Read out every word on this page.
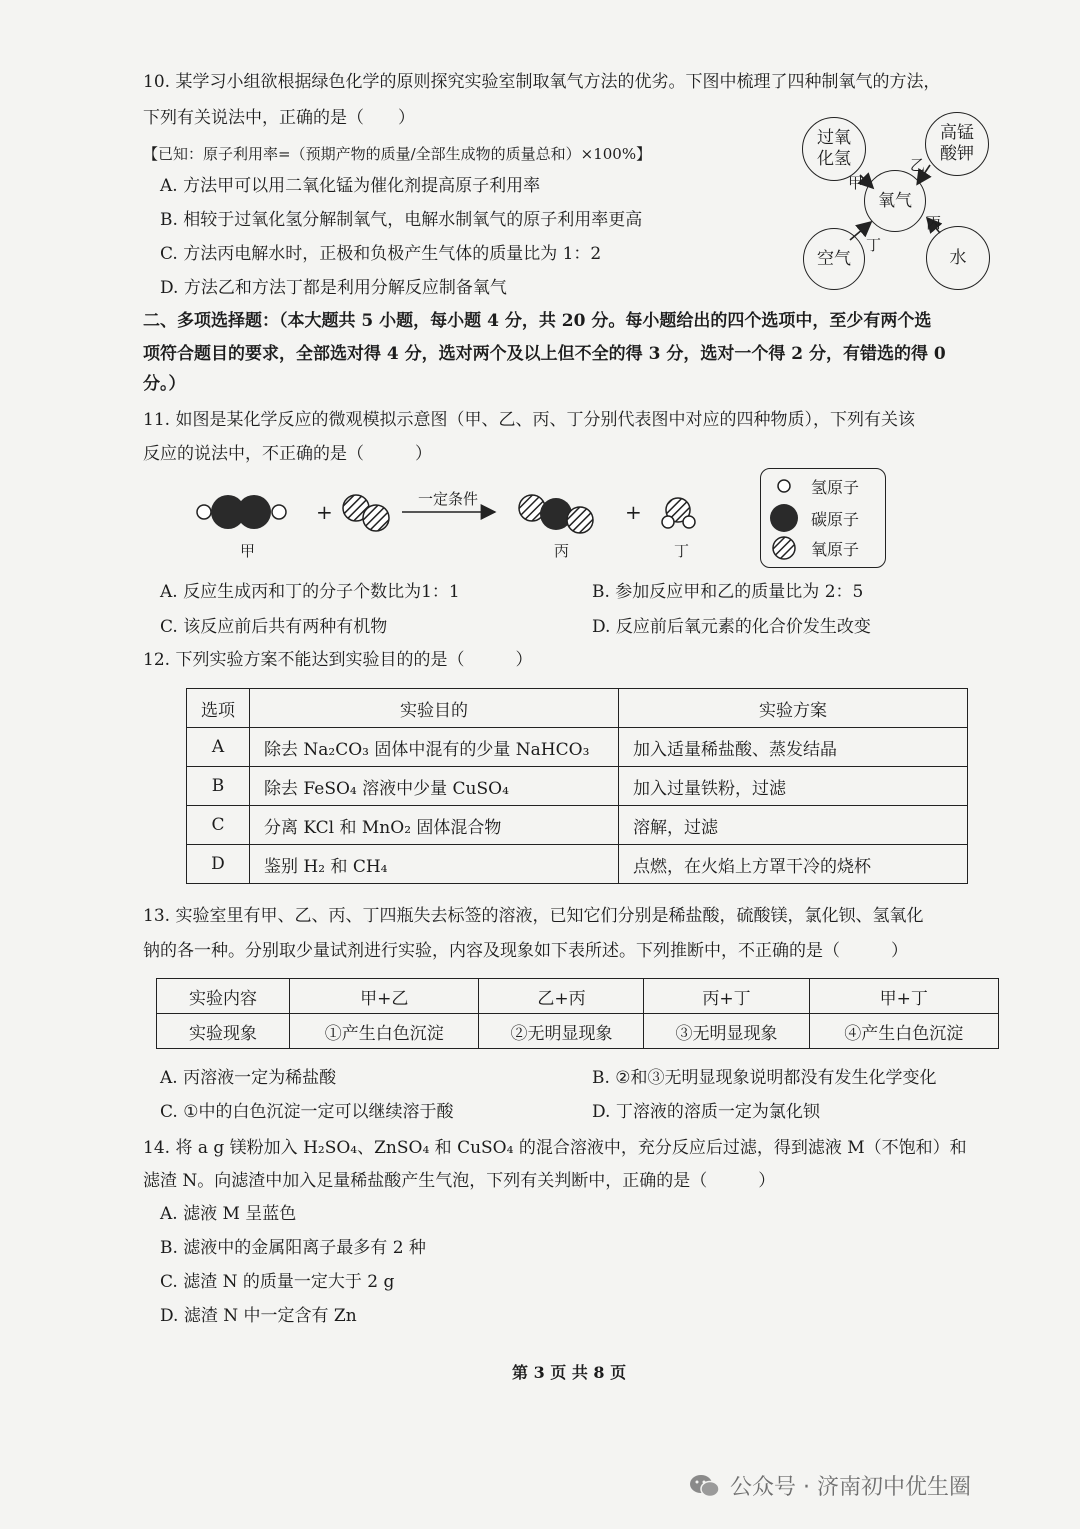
10. 某学习小组欲根据绿色化学的原则探究实验室制取氧气方法的优劣。下图中梳理了四种制氧气的方法，
下列有关说法中，正确的是（　　）
【已知：原子利用率=（预期产物的质量/全部生成物的质量总和）×100%】
A. 方法甲可以用二氧化锰为催化剂提高原子利用率
B. 相较于过氧化氢分解制氧气，电解水制氧气的原子利用率更高
C. 方法丙电解水时，正极和负极产生气体的质量比为 1：2
D. 方法乙和方法丁都是利用分解反应制备氧气
过氧化氢
高锰酸钾
氧气
空气	水
甲
乙
丙
丁
二、多项选择题：（本大题共 5 小题，每小题 4 分，共 20 分。每小题给出的四个选项中，至少有两个选
项符合题目的要求，全部选对得 4 分，选对两个及以上但不全的得 3 分，选对一个得 2 分，有错选的得 0
分。）
11. 如图是某化学反应的微观模拟示意图（甲、乙、丙、丁分别代表图中对应的四种物质），下列有关该
反应的说法中，不正确的是（　　　）
+	+
一定条件
甲	丙	丁
氢原子
碳原子
氧原子
A. 反应生成丙和丁的分子个数比为1：1	B. 参加反应甲和乙的质量比为 2：5
C. 该反应前后共有两种有机物	D. 反应前后氧元素的化合价发生改变
12. 下列实验方案不能达到实验目的的是（　　　）
选项	实验目的	实验方案
A	除去 Na₂CO₃ 固体中混有的少量 NaHCO₃	加入适量稀盐酸、蒸发结晶
B	除去 FeSO₄ 溶液中少量 CuSO₄	加入过量铁粉，过滤
C	分离 KCl 和 MnO₂ 固体混合物	溶解，过滤
D	鉴别 H₂ 和 CH₄	点燃，在火焰上方罩干冷的烧杯
13. 实验室里有甲、乙、丙、丁四瓶失去标签的溶液，已知它们分别是稀盐酸，硫酸镁，氯化钡、氢氧化
钠的各一种。分别取少量试剂进行实验，内容及现象如下表所述。下列推断中，不正确的是（　　　）
实验内容	甲+乙	乙+丙	丙+丁	甲+丁
实验现象	①产生白色沉淀	②无明显现象	③无明显现象	④产生白色沉淀
A. 丙溶液一定为稀盐酸	B. ②和③无明显现象说明都没有发生化学变化
C. ①中的白色沉淀一定可以继续溶于酸	D. 丁溶液的溶质一定为氯化钡
14. 将 a g 镁粉加入 H₂SO₄、ZnSO₄ 和 CuSO₄ 的混合溶液中，充分反应后过滤，得到滤液 M（不饱和）和
滤渣 N。向滤渣中加入足量稀盐酸产生气泡，下列有关判断中，正确的是（　　　）
A. 滤液 M 呈蓝色
B. 滤液中的金属阳离子最多有 2 种
C. 滤渣 N 的质量一定大于 2 g
D. 滤渣 N 中一定含有 Zn
第 3 页 共 8 页
公众号 · 济南初中优生圈
